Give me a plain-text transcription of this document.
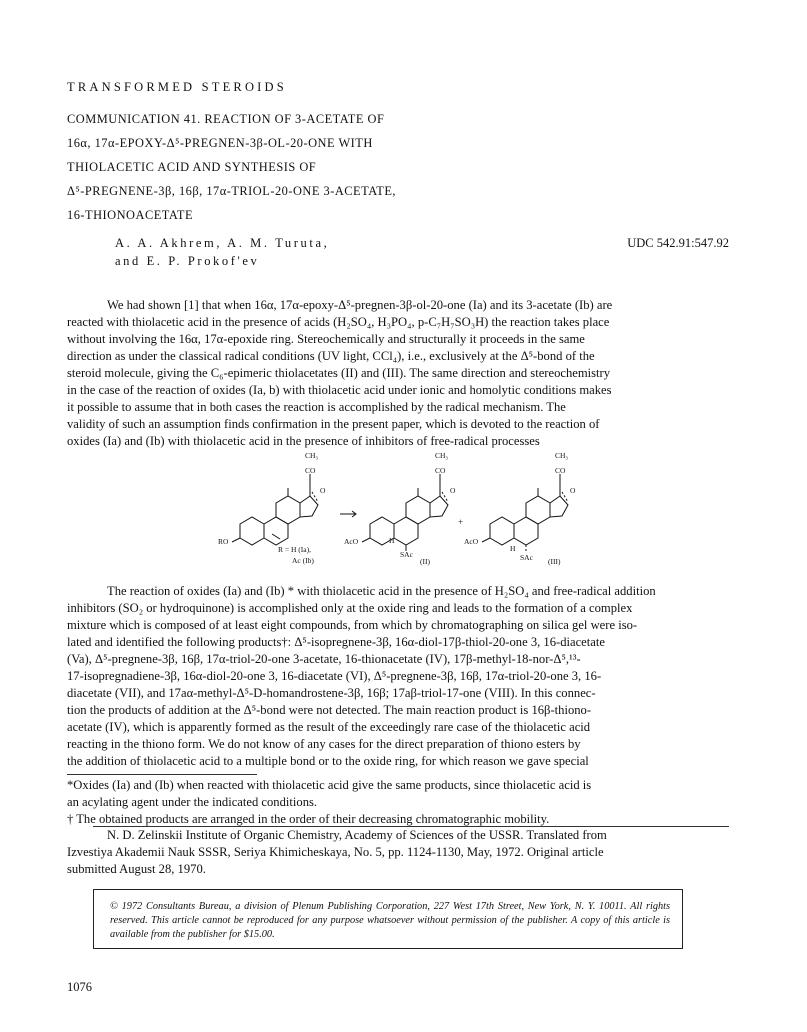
TRANSFORMED STEROIDS
COMMUNICATION 41. REACTION OF 3-ACETATE OF
16α, 17α-EPOXY-Δ⁵-PREGNEN-3β-OL-20-ONE WITH
THIOLACETIC ACID AND SYNTHESIS OF
Δ⁵-PREGNENE-3β, 16β, 17α-TRIOL-20-ONE 3-ACETATE,
16-THIONOACETATE
A. A. Akhrem, A. M. Turuta,
and E. P. Prokof'ev
UDC 542.91:547.92
We had shown [1] that when 16α, 17α-epoxy-Δ⁵-pregnen-3β-ol-20-one (Ia) and its 3-acetate (Ib) are
reacted with thiolacetic acid in the presence of acids (H₂SO₄, H₃PO₄, p-C₇H₇SO₃H) the reaction takes place
without involving the 16α, 17α-epoxide ring. Stereochemically and structurally it proceeds in the same
direction as under the classical radical conditions (UV light, CCl₄), i.e., exclusively at the Δ⁵-bond of the
steroid molecule, giving the C₆-epimeric thiolacetates (II) and (III). The same direction and stereochemistry
in the case of the reaction of oxides (Ia, b) with thiolacetic acid under ionic and homolytic conditions makes
it possible to assume that in both cases the reaction is accomplished by the radical mechanism. The
validity of such an assumption finds confirmation in the present paper, which is devoted to the reaction of
oxides (Ia) and (Ib) with thiolacetic acid in the presence of inhibitors of free-radical processes
CH₃
CO
O
RO
R = H (Ia),
Ac (Ib)
CH₃
CO
O
AcO	H
SAc
(II)
+
CH₃
CO
O
AcO
H
SAc (III)
The reaction of oxides (Ia) and (Ib) * with thiolacetic acid in the presence of H₂SO₄ and free-radical addition
inhibitors (SO₂ or hydroquinone) is accomplished only at the oxide ring and leads to the formation of a complex
mixture which is composed of at least eight compounds, from which by chromatographing on silica gel were iso-
lated and identified the following products†: Δ⁵-isopregnene-3β, 16α-diol-17β-thiol-20-one 3, 16-diacetate
(Va), Δ⁵-pregnene-3β, 16β, 17α-triol-20-one 3-acetate, 16-thionacetate (IV), 17β-methyl-18-nor-Δ⁵,¹³-
17-isopregnadiene-3β, 16α-diol-20-one 3, 16-diacetate (VI), Δ⁵-pregnene-3β, 16β, 17α-triol-20-one 3, 16-
diacetate (VII), and 17aα-methyl-Δ⁵-D-homandrostene-3β, 16β; 17aβ-triol-17-one (VIII). In this connec-
tion the products of addition at the Δ⁵-bond were not detected. The main reaction product is 16β-thiono-
acetate (IV), which is apparently formed as the result of the exceedingly rare case of the thiolacetic acid
reacting in the thiono form. We do not know of any cases for the direct preparation of thiono esters by
the addition of thiolacetic acid to a multiple bond or to the oxide ring, for which reason we gave special
*Oxides (Ia) and (Ib) when reacted with thiolacetic acid give the same products, since thiolacetic acid is
an acylating agent under the indicated conditions.
† The obtained products are arranged in the order of their decreasing chromatographic mobility.
N. D. Zelinskii Institute of Organic Chemistry, Academy of Sciences of the USSR. Translated from
Izvestiya Akademii Nauk SSSR, Seriya Khimicheskaya, No. 5, pp. 1124-1130, May, 1972. Original article
submitted August 28, 1970.
© 1972 Consultants Bureau, a division of Plenum Publishing Corporation, 227 West 17th Street, New York, N. Y. 10011. All rights reserved. This article cannot be reproduced for any purpose whatsoever without permission of the publisher. A copy of this article is available from the publisher for $15.00.
1076
